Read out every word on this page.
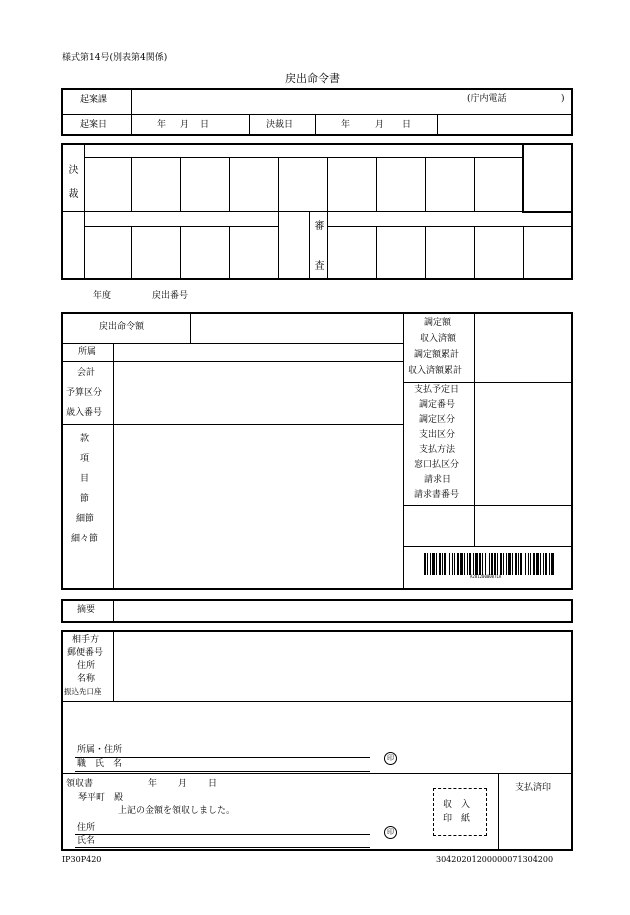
様式第14号(別表第4関係)
戻出命令書
起案課	(庁内電話	)
起案日	年 月 日	決裁日	年	月 日
決裁
審査
年度	戻出番号
戻出命令額
所属
会計
予算区分
歳入番号
款
項
目
節
細節
細々節
調定額
収入済額
調定額累計
収入済額累計
支払予定日
調定番号
調定区分
支出区分
支払方法
窓口払区分
請求日
請求書番号
A2812000007LA
摘要
相手方
郵便番号
住所
名称
振込先口座
所属・住所
職　氏　名
印
領収書	年 月 日
琴平町　殿
上記の金額を領収しました。
住所
氏名
印
収　入
印　紙
支払済印
IP30P420	30420201200000071304200
